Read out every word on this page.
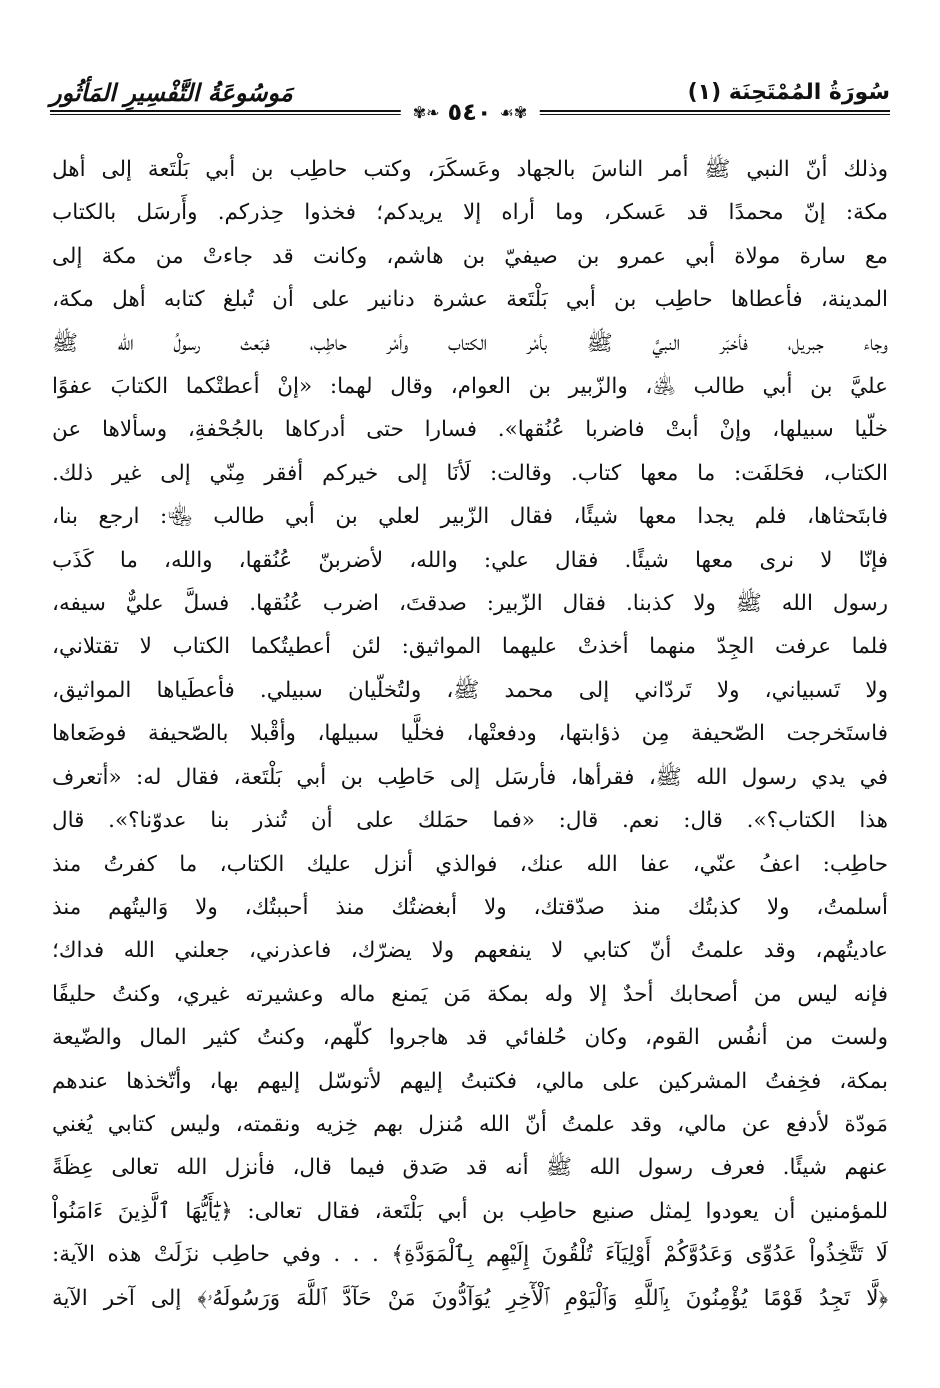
سُورَةُ المُمْتَحِنَة (١)
مَوسُوعَةُ التَّفْسِيرِ المَأثُور
✾❧ ٥٤٠ ☙✾

وذلك أنّ النبي ﷺ أمر الناسَ بالجهاد وعَسكَرَ، وكتب حاطِب بن أبي بَلْتَعة إلى أهل

مكة: إنّ محمدًا قد عَسكر، وما أراه إلا يريدكم؛ فخذوا حِذركم. وأَرسَل بالكتاب

مع سارة مولاة أبي عمرو بن صيفيّ بن هاشم، وكانت قد جاءتْ من مكة إلى

المدينة، فأعطاها حاطِب بن أبي بَلْتَعة عشرة دنانير على أن تُبلغ كتابه أهل مكة،

وجاء جبريل، فأخبَر النبيَّ ﷺ بأمْر الكتاب وأمْر حاطِب، فبَعث رسولُ الله ﷺ

عليَّ بن أبي طالب ﵁، والزّبير بن العوام، وقال لهما: «إنْ أعطتْكما الكتابَ عفوًا

خلّيا سبيلها، وإنْ أبتْ فاضربا عُنُقها». فسارا حتى أدركاها بالجُحْفةِ، وسألاها عن

الكتاب، فحَلفَت: ما معها كتاب. وقالت: لَأنَا إلى خيركم أفقر مِنّي إلى غير ذلك.

فابتَحثاها، فلم يجدا معها شيئًا، فقال الزّبير لعلي بن أبي طالب ﵄: ارجع بنا،

فإنّا لا نرى معها شيئًا. فقال علي: والله، لأضربنّ عُنُقها، والله، ما كَذَب

رسول الله ﷺ ولا كذبنا. فقال الزّبير: صدقتَ، اضرب عُنُقها. فسلَّ عليٌّ سيفه،

فلما عرفت الجِدّ منهما أخذتْ عليهما المواثيق: لئن أعطيتُكما الكتاب لا تقتلاني،

ولا تَسبياني، ولا تَردّاني إلى محمد ﷺ، ولتُخلّيان سبيلي. فأعطَياها المواثيق،

فاستَخرجت الصّحيفة مِن ذؤابتها، ودفعتْها، فخلَّيا سبيلها، وأقْبلا بالصّحيفة فوضَعاها

في يدي رسول الله ﷺ، فقرأها، فأرسَل إلى حَاطِب بن أبي بَلْتَعة، فقال له: «أتعرف

هذا الكتاب؟». قال: نعم. قال: «فما حمَلك على أن تُنذر بنا عدوّنا؟». قال

حاطِب: اعفُ عنّي، عفا الله عنك، فوالذي أنزل عليك الكتاب، ما كفرتُ منذ

أسلمتُ، ولا كذبتُك منذ صدّقتك، ولا أبغضتُك منذ أحببتُك، ولا وَاليتُهم منذ

عاديتُهم، وقد علمتُ أنّ كتابي لا ينفعهم ولا يضرّك، فاعذرني، جعلني الله فداك؛

فإنه ليس من أصحابك أحدٌ إلا وله بمكة مَن يَمنع ماله وعشيرته غيري، وكنتُ حليفًا

ولست من أنفُس القوم، وكان حُلفائي قد هاجروا كلّهم، وكنتُ كثير المال والضّيعة

بمكة، فخِفتُ المشركين على مالي، فكتبتُ إليهم لأتوسّل إليهم بها، وأتّخذها عندهم

مَودّة لأدفع عن مالي، وقد علمتُ أنّ الله مُنزل بهم خِزيه ونقمته، وليس كتابي يُغني

عنهم شيئًا. فعرف رسول الله ﷺ أنه قد صَدق فيما قال، فأنزل الله تعالى عِظَةً

للمؤمنين أن يعودوا لِمثل صنيع حاطِب بن أبي بَلْتَعة، فقال تعالى: ﴿يَٰٓأَيُّهَا ٱلَّذِينَ ءَامَنُواْ

لَا تَتَّخِذُواْ عَدُوِّى وَعَدُوَّكُمْ أَوْلِيَآءَ تُلْقُونَ إِلَيْهِم بِٱلْمَوَدَّةِ﴾ . . . وفي حاطِب نزَلَتْ هذه الآية:

﴿لَّا تَجِدُ قَوْمًا يُؤْمِنُونَ بِٱللَّهِ وَٱلْيَوْمِ ٱلْأٓخِرِ يُوَآدُّونَ مَنْ حَآدَّ ٱللَّهَ وَرَسُولَهُۥ﴾ إلى آخر الآية
